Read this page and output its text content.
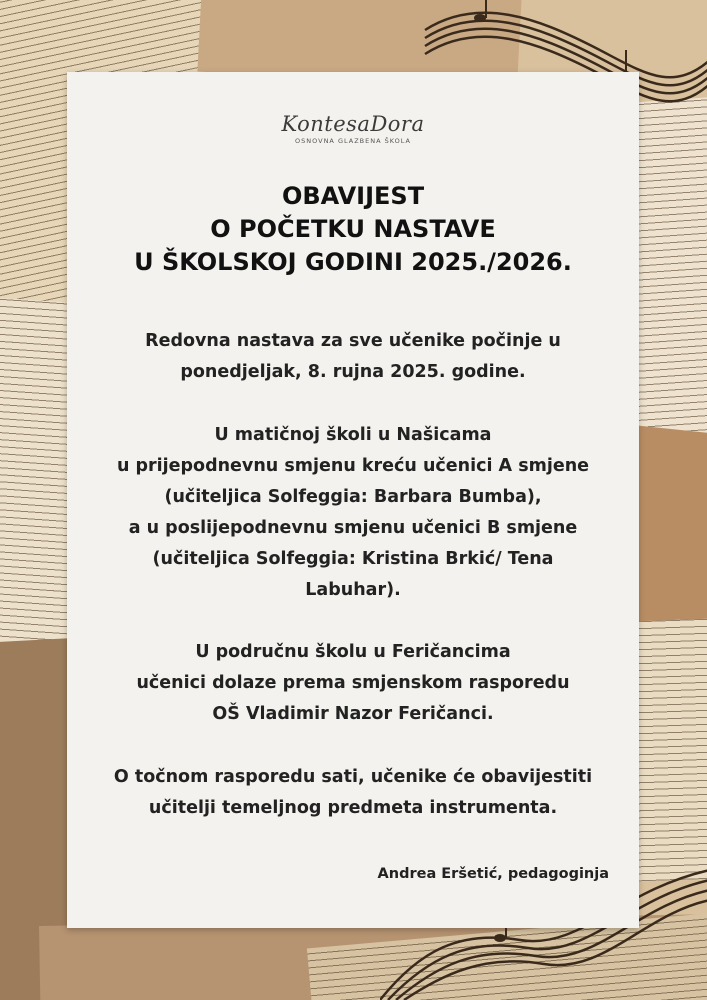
KontesaDora
OSNOVNA GLAZBENA ŠKOLA
OBAVIJEST
O POČETKU NASTAVE
U ŠKOLSKOJ GODINI 2025./2026.
Redovna nastava za sve učenike počinje u
ponedjeljak, 8. rujna 2025. godine.
U matičnoj školi u Našicama
u prijepodnevnu smjenu kreću učenici A smjene
(učiteljica Solfeggia: Barbara Bumba),
a u poslijepodnevnu smjenu učenici B smjene
(učiteljica Solfeggia: Kristina Brkić/ Tena
Labuhar).
U područnu školu u Feričancima
učenici dolaze prema smjenskom rasporedu
OŠ Vladimir Nazor Feričanci.
O točnom rasporedu sati, učenike će obavijestiti
učitelji temeljnog predmeta instrumenta.
Andrea Eršetić, pedagoginja
